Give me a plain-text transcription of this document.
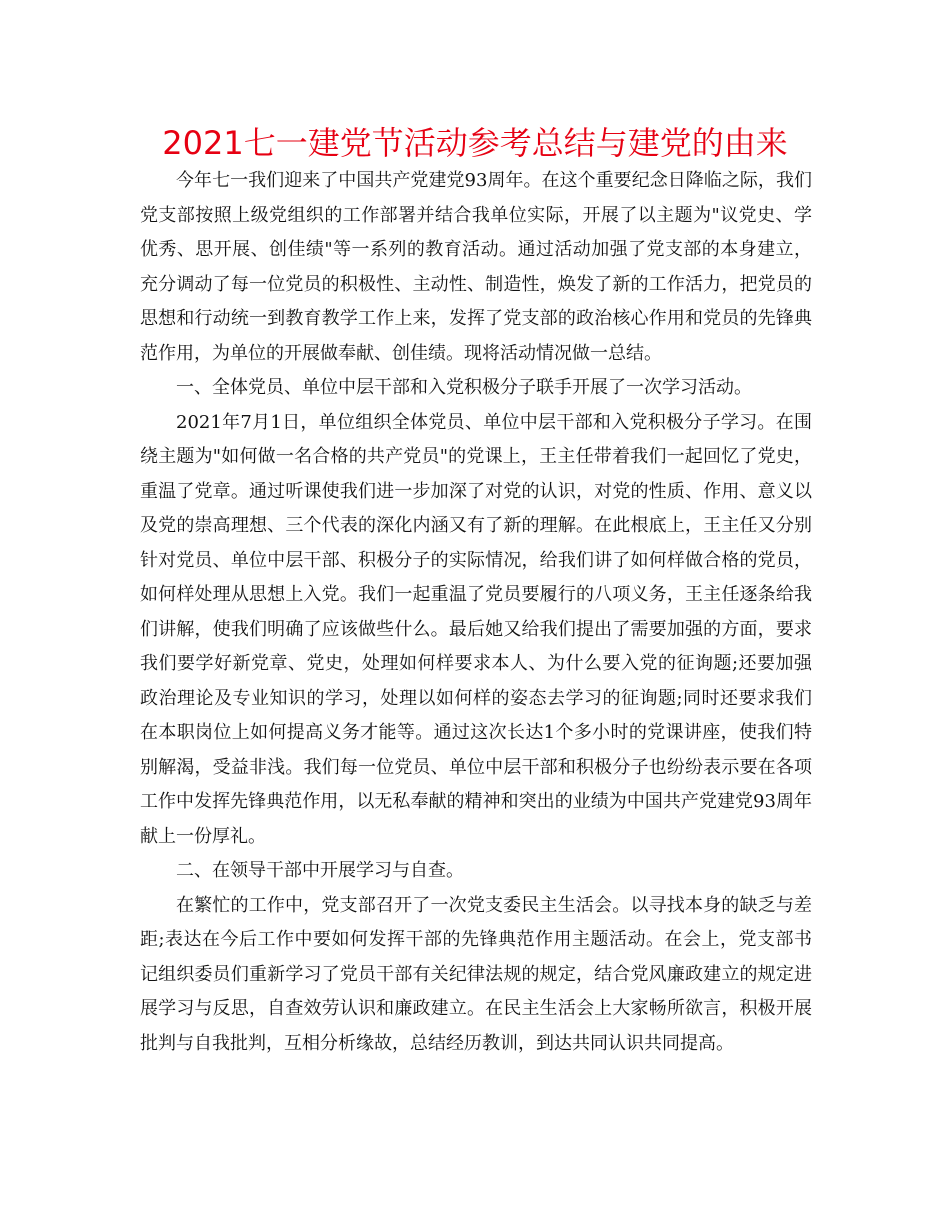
2021七一建党节活动参考总结与建党的由来

今年七一我们迎来了中国共产党建党93周年。在这个重要纪念日降临之际，我们党支部按照上级党组织的工作部署并结合我单位实际，开展了以主题为"议党史、学优秀、思开展、创佳绩"等一系列的教育活动。通过活动加强了党支部的本身建立，充分调动了每一位党员的积极性、主动性、制造性，焕发了新的工作活力，把党员的思想和行动统一到教育教学工作上来，发挥了党支部的政治核心作用和党员的先锋典范作用，为单位的开展做奉献、创佳绩。现将活动情况做一总结。

一、全体党员、单位中层干部和入党积极分子联手开展了一次学习活动。

2021年7月1日，单位组织全体党员、单位中层干部和入党积极分子学习。在围绕主题为"如何做一名合格的共产党员"的党课上，王主任带着我们一起回忆了党史，重温了党章。通过听课使我们进一步加深了对党的认识，对党的性质、作用、意义以及党的崇高理想、三个代表的深化内涵又有了新的理解。在此根底上，王主任又分别针对党员、单位中层干部、积极分子的实际情况，给我们讲了如何样做合格的党员，如何样处理从思想上入党。我们一起重温了党员要履行的八项义务，王主任逐条给我们讲解，使我们明确了应该做些什么。最后她又给我们提出了需要加强的方面，要求我们要学好新党章、党史，处理如何样要求本人、为什么要入党的征询题;还要加强政治理论及专业知识的学习，处理以如何样的姿态去学习的征询题;同时还要求我们在本职岗位上如何提高义务才能等。通过这次长达1个多小时的党课讲座，使我们特别解渴，受益非浅。我们每一位党员、单位中层干部和积极分子也纷纷表示要在各项工作中发挥先锋典范作用，以无私奉献的精神和突出的业绩为中国共产党建党93周年献上一份厚礼。

二、在领导干部中开展学习与自查。

在繁忙的工作中，党支部召开了一次党支委民主生活会。以寻找本身的缺乏与差距;表达在今后工作中要如何发挥干部的先锋典范作用主题活动。在会上，党支部书记组织委员们重新学习了党员干部有关纪律法规的规定，结合党风廉政建立的规定进展学习与反思，自查效劳认识和廉政建立。在民主生活会上大家畅所欲言，积极开展批判与自我批判，互相分析缘故，总结经历教训，到达共同认识共同提高。
